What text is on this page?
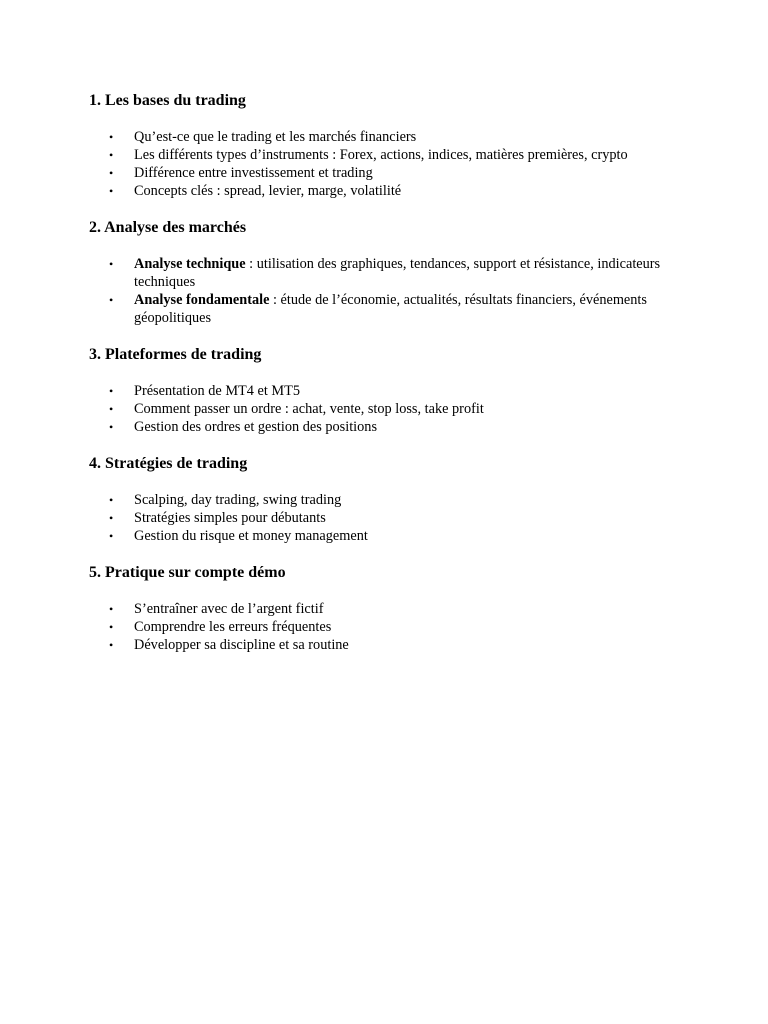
1. Les bases du trading
• Qu’est-ce que le trading et les marchés financiers
• Les différents types d’instruments : Forex, actions, indices, matières premières, crypto
• Différence entre investissement et trading
• Concepts clés : spread, levier, marge, volatilité
2. Analyse des marchés
• Analyse technique : utilisation des graphiques, tendances, support et résistance, indicateurs techniques
• Analyse fondamentale : étude de l’économie, actualités, résultats financiers, événements géopolitiques
3. Plateformes de trading
• Présentation de MT4 et MT5
• Comment passer un ordre : achat, vente, stop loss, take profit
• Gestion des ordres et gestion des positions
4. Stratégies de trading
• Scalping, day trading, swing trading
• Stratégies simples pour débutants
• Gestion du risque et money management
5. Pratique sur compte démo
• S’entraîner avec de l’argent fictif
• Comprendre les erreurs fréquentes
• Développer sa discipline et sa routine
